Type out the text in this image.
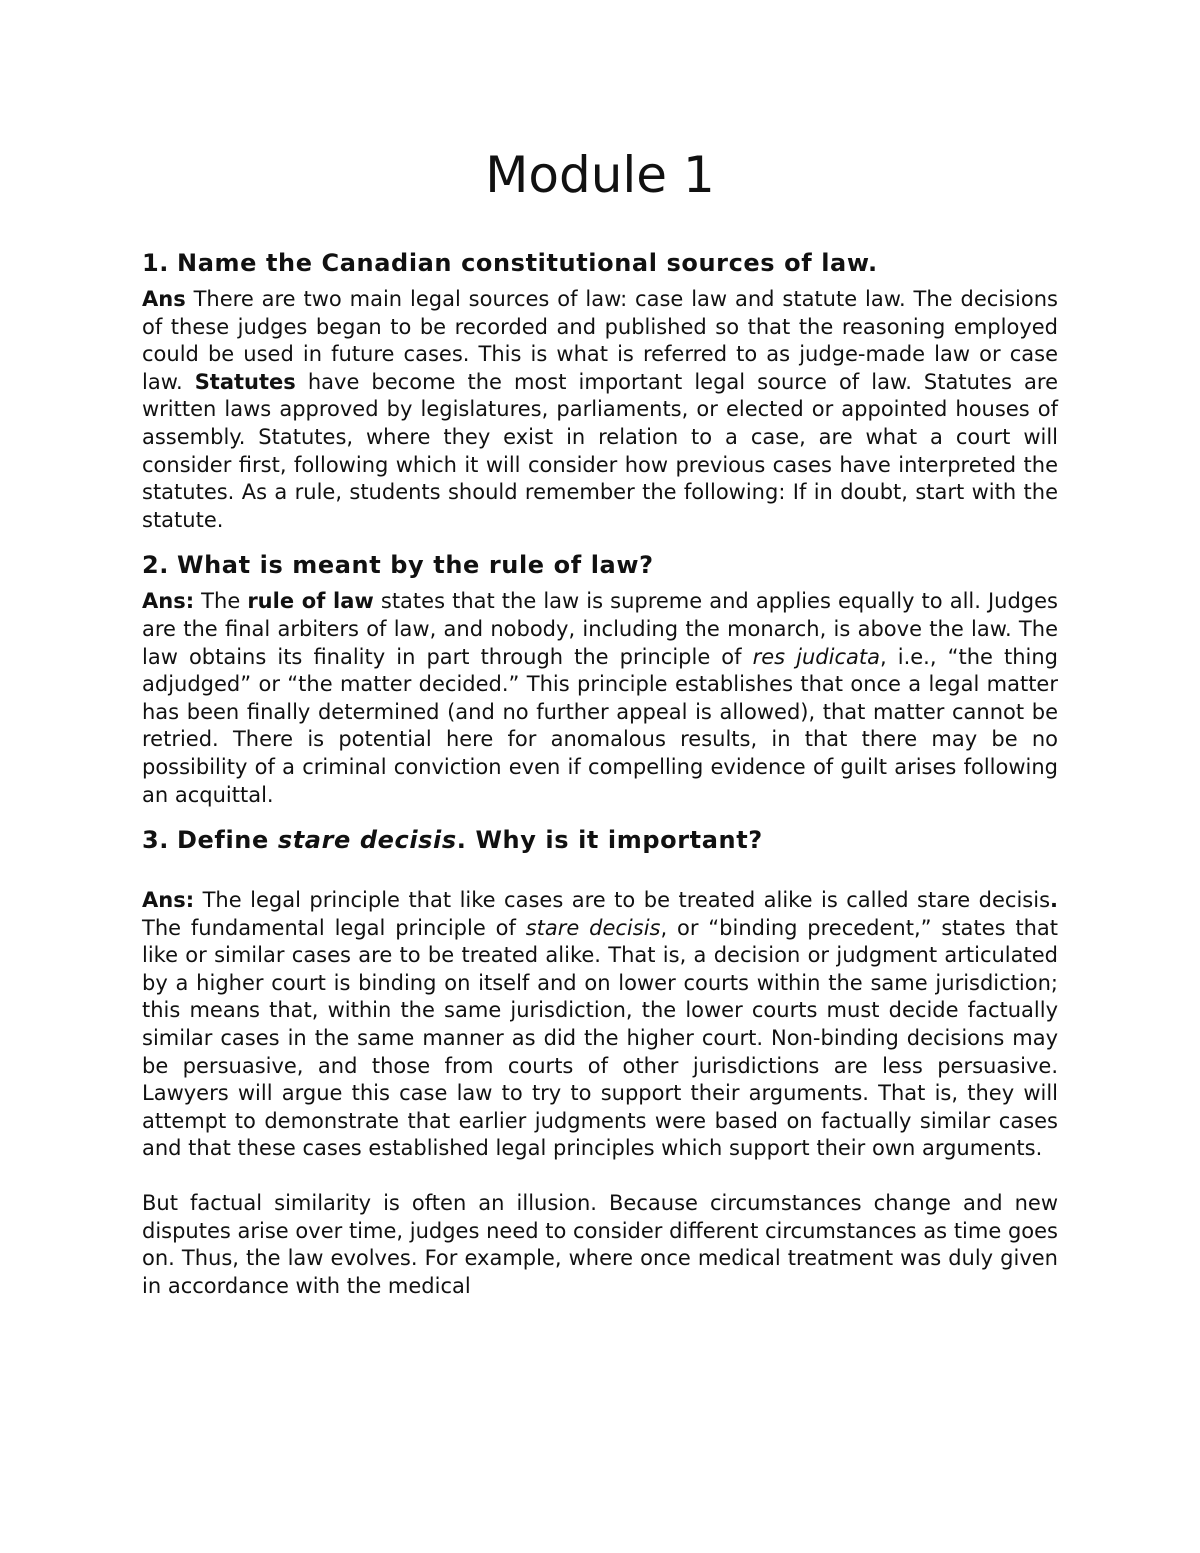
Module 1
1. Name the Canadian constitutional sources of law.

Ans There are two main legal sources of law: case law and statute law. The decisions of these judges began to be recorded and published so that the reasoning employed could be used in future cases. This is what is referred to as judge-made law or case law. Statutes have become the most important legal source of law. Statutes are written laws approved by legislatures, parliaments, or elected or appointed houses of assembly. Statutes, where they exist in relation to a case, are what a court will consider first, following which it will consider how previous cases have interpreted the statutes. As a rule, students should remember the following: If in doubt, start with the statute.

2. What is meant by the rule of law?

Ans: The rule of law states that the law is supreme and applies equally to all. Judges are the final arbiters of law, and nobody, including the monarch, is above the law. The law obtains its finality in part through the principle of res judicata, i.e., “the thing adjudged” or “the matter decided.” This principle establishes that once a legal matter has been finally determined (and no further appeal is allowed), that matter cannot be retried. There is potential here for anomalous results, in that there may be no possibility of a criminal conviction even if compelling evidence of guilt arises following an acquittal.

3. Define stare decisis. Why is it important?

Ans: The legal principle that like cases are to be treated alike is called stare decisis. The fundamental legal principle of stare decisis, or “binding precedent,” states that like or similar cases are to be treated alike. That is, a decision or judgment articulated by a higher court is binding on itself and on lower courts within the same jurisdiction; this means that, within the same jurisdiction, the lower courts must decide factually similar cases in the same manner as did the higher court. Non-binding decisions may be persuasive, and those from courts of other jurisdictions are less persuasive. Lawyers will argue this case law to try to support their arguments. That is, they will attempt to demonstrate that earlier judgments were based on factually similar cases and that these cases established legal principles which support their own arguments.

But factual similarity is often an illusion. Because circumstances change and new disputes arise over time, judges need to consider different circumstances as time goes on. Thus, the law evolves. For example, where once medical treatment was duly given in accordance with the medical
